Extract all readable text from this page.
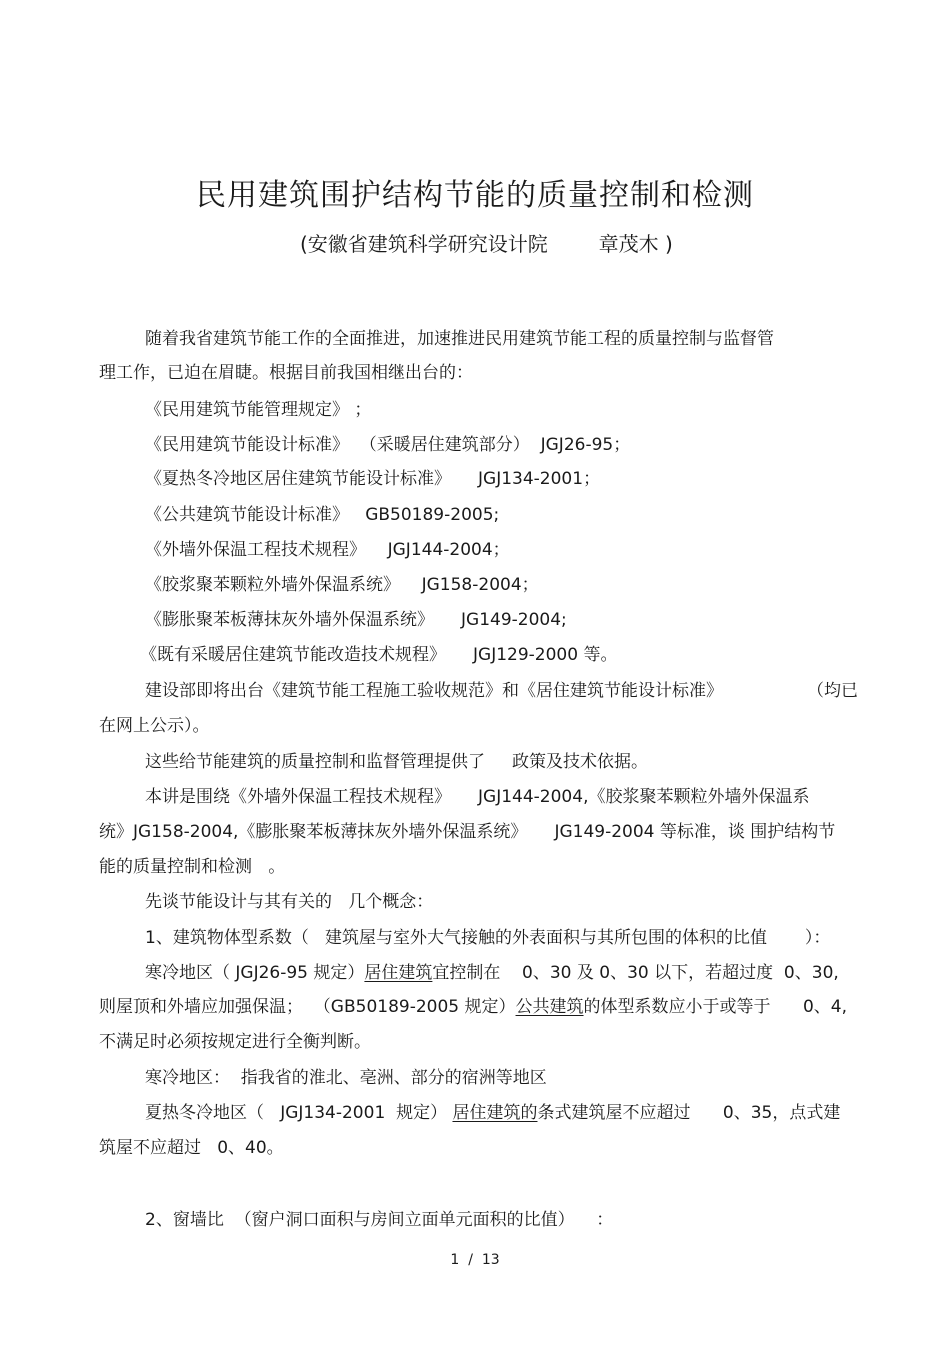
民用建筑围护结构节能的质量控制和检测
(安徽省建筑科学研究设计院        章茂木 )
随着我省建筑节能工作的全面推进，加速推进民用建筑节能工程的质量控制与监督管
理工作，已迫在眉睫。根据目前我国相继出台的：
《民用建筑节能管理规定》 ；
《民用建筑节能设计标准》  （采暖居住建筑部分）  JGJ26-95；
《夏热冬冷地区居住建筑节能设计标准》     JGJ134-2001；
《公共建筑节能设计标准》   GB50189-2005;
《外墙外保温工程技术规程》    JGJ144-2004；
《胶浆聚苯颗粒外墙外保温系统》    JG158-2004；
《膨胀聚苯板薄抹灰外墙外保温系统》     JG149-2004;
《既有采暖居住建筑节能改造技术规程》     JGJ129-2000 等。
建设部即将出台《建筑节能工程施工验收规范》和《居住建筑节能设计标准》	（均已
在网上公示）。
这些给节能建筑的质量控制和监督管理提供了     政策及技术依据。
本讲是围绕《外墙外保温工程技术规程》     JGJ144-2004,《胶浆聚苯颗粒外墙外保温系
统》JG158-2004,《膨胀聚苯板薄抹灰外墙外保温系统》     JG149-2004 等标准，谈 围护结构节
能的质量控制和检测   。
先谈节能设计与其有关的   几个概念：
1、建筑物体型系数（   建筑屋与室外大气接触的外表面积与其所包围的体积的比值       ）：
寒冷地区（ JGJ26-95 规定）居住建筑宜控制在    0、30 及 0、30 以下，若超过度  0、30,
则屋顶和外墙应加强保温；  （GB50189-2005 规定）公共建筑的体型系数应小于或等于      0、4,
不满足时必须按规定进行全衡判断。
寒冷地区：  指我省的淮北、亳洲、部分的宿洲等地区
夏热冬冷地区（   JGJ134-2001  规定） 居住建筑的条式建筑屋不应超过      0、35，点式建
筑屋不应超过   0、40。
2、窗墙比  （窗户洞口面积与房间立面单元面积的比值）    ：
1 / 13
